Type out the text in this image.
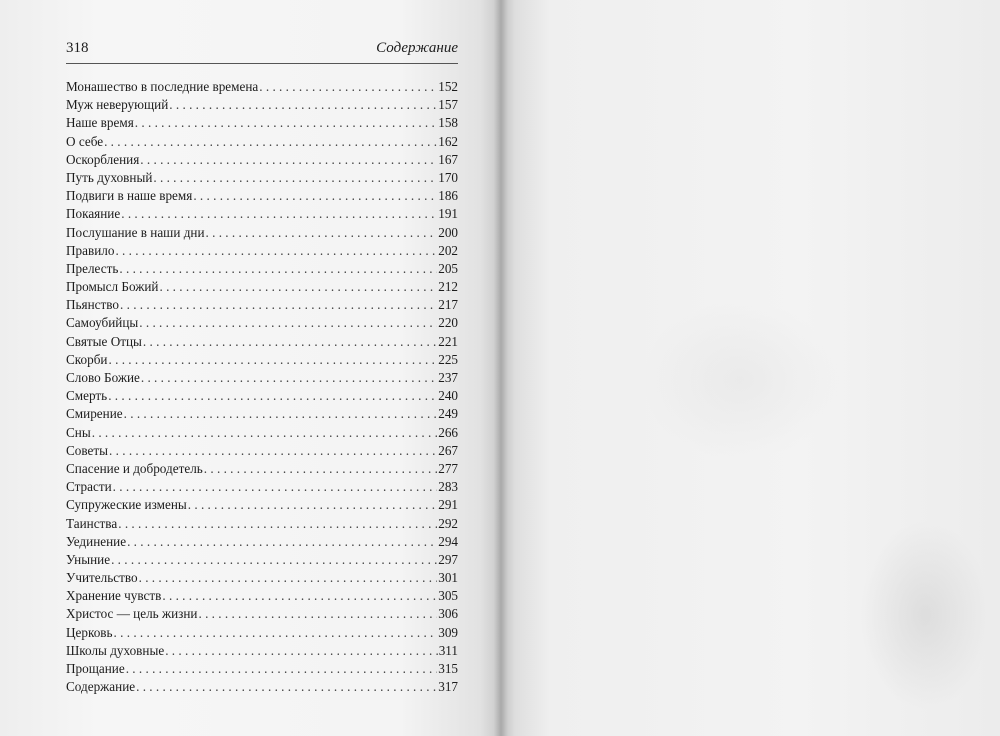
318	Содержание
Монашество в последние времена . . .	152
Муж неверующий . . .	157
Наше время . . .	158
О себе . . .	162
Оскорбления . . .	167
Путь духовный . . .	170
Подвиги в наше время . . .	186
Покаяние . . .	191
Послушание в наши дни . . .	200
Правило . . .	202
Прелесть . . .	205
Промысл Божий . . .	212
Пьянство . . .	217
Самоубийцы . . .	220
Святые Отцы . . .	221
Скорби . . .	225
Слово Божие . . .	237
Смерть . . .	240
Смирение . . .	249
Сны . . .	266
Советы . . .	267
Спасение и добродетель . . .	277
Страсти . . .	283
Супружеские измены . . .	291
Таинства . . .	292
Уединение . . .	294
Уныние . . .	297
Учительство . . .	301
Хранение чувств . . .	305
Христос — цель жизни . . .	306
Церковь . . .	309
Школы духовные . . .	311
Прощание . . .	315
Содержание . . .	317
